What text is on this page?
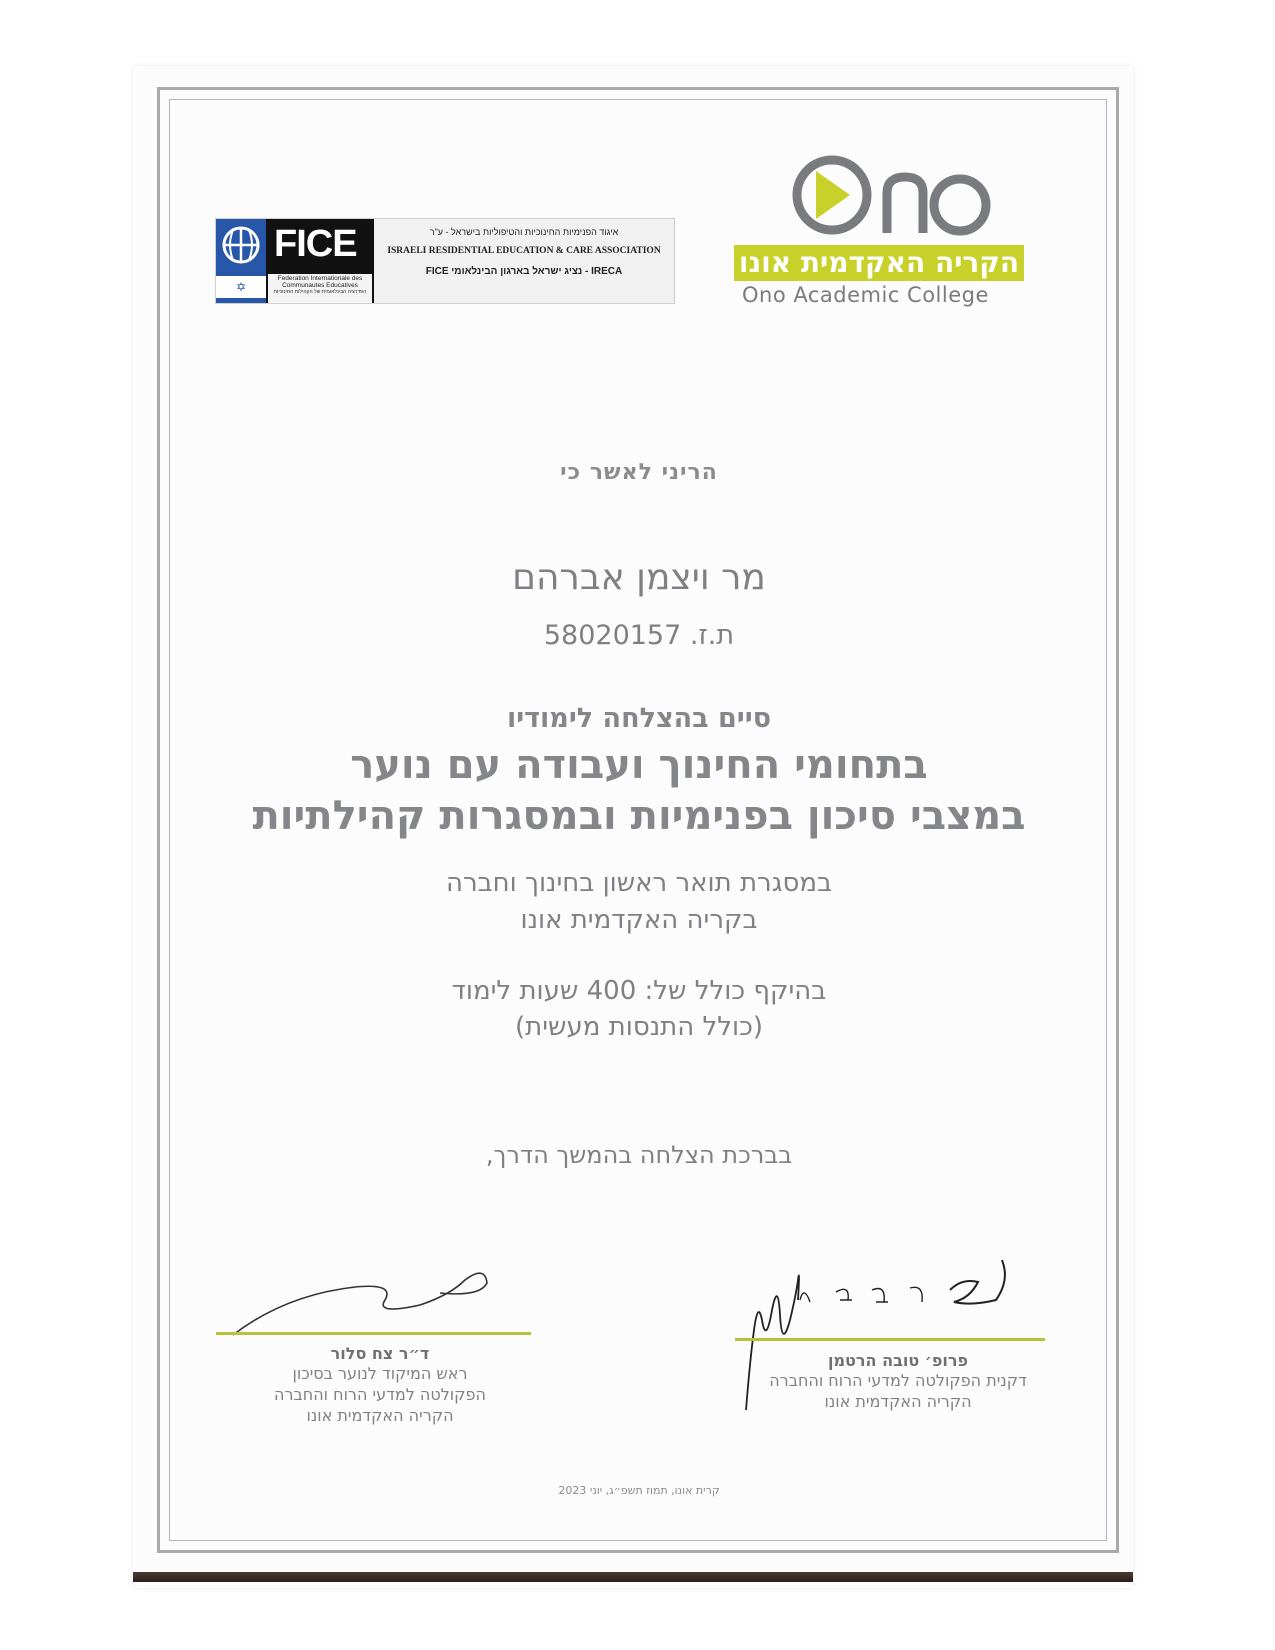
✡
FICE
Federation Internationale des Communautes Educatives
הפדרציה הבינלאומית של הקהילות החינוכיות
איגוד הפנימיות החינוכיות והטיפוליות בישראל - ע"ר
ISRAELI RESIDENTIAL EDUCATION & CARE ASSOCIATION
IRECA - נציג ישראל בארגון הבינלאומי FICE
Ono
הקריה האקדמית אונו
Ono Academic College
הריני לאשר כי
מר ויצמן אברהם
ת.ז. 58020157
סיים בהצלחה לימודיו
בתחומי החינוך ועבודה עם נוער
במצבי סיכון בפנימיות ובמסגרות קהילתיות
במסגרת תואר ראשון בחינוך וחברה
בקריה האקדמית אונו
בהיקף כולל של: 400 שעות לימוד
(כולל התנסות מעשית)
בברכת הצלחה בהמשך הדרך,
ד״ר צח סלור
ראש המיקוד לנוער בסיכון
הפקולטה למדעי הרוח והחברה
הקריה האקדמית אונו
פרופ׳ טובה הרטמן
דקנית הפקולטה למדעי הרוח והחברה
הקריה האקדמית אונו
קרית אונו, תמוז תשפ״ג, יוני 2023
